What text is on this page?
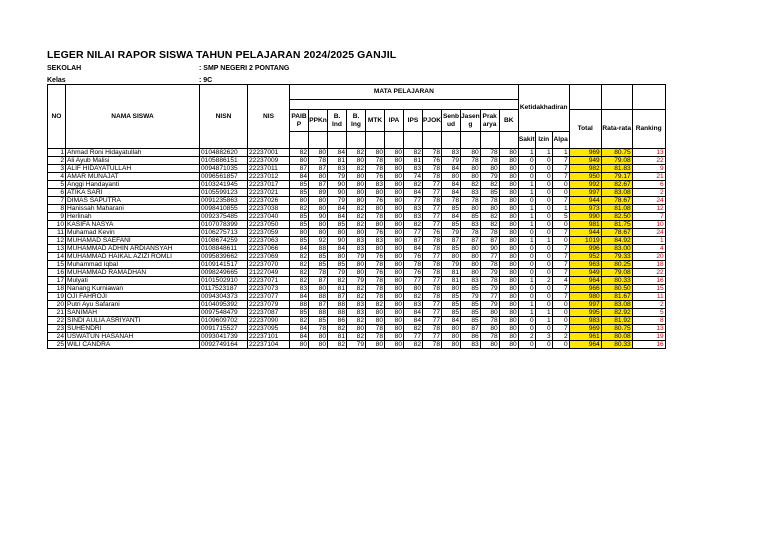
LEGER NILAI RAPOR SISWA TAHUN PELAJARAN 2024/2025 GANJIL
SEKOLAH	: SMP NEGERI 2 PONTANG
Kelas	: 9C
NO	NAMA SISWA	NISN	NIS	MATA PELAJARAN												Ketidakhadiran					

				PAIB P	PPKn	B. Ind	B. Ing	MTK	IPA	IPS	PJOK	Senb ud	Jasen g	Prak arya	BK				Total	Rata-rata	Ranking
																Sakit	Izin	Alpa			
1	Ahmad Roni Hidayatullah	0104882620	22237001	82	80	84	82	80	80	82	78	83	80	78	80	1	1	1	969	80.75	13
2	Ali Ayub Malisi	0105886151	22237009	80	78	81	80	78	80	81	76	79	78	78	80	0	0	7	949	79.08	22
3	ALIF HIDAYATULLAH	0094871035	22237011	87	87	83	82	78	80	83	78	84	80	80	80	0	0	7	982	81.83	9
4	AMAR MUNAJAT	0096561857	22237012	84	80	79	80	76	80	74	78	80	80	79	80	0	0	7	950	79.17	21
5	Anggi Handayanti	0103241945	22237017	85	87	90	80	83	80	82	77	84	82	82	80	1	0	0	992	82.67	6
6	ATIKA SARI	0105599123	22237021	85	89	90	80	80	80	84	77	84	83	85	80	1	0	0	997	83.08	2
7	DIMAS SAPUTRA	0091235863	22237026	80	80	79	80	76	80	77	78	78	78	78	80	0	0	7	944	78.67	24
8	Hanissah Maharani	0098410855	22237038	82	80	84	82	80	80	83	77	85	80	80	80	1	0	1	973	81.08	12
9	Herlinah	0092375485	22237040	85	90	84	82	78	80	83	77	84	85	82	80	1	0	5	990	82.50	7
10	KASIFA NASYA	0107078399	22237050	85	80	85	82	80	80	82	77	85	83	82	80	1	0	0	981	81.75	10
11	Muhamad Kevin	0106275713	22237059	80	80	80	80	76	80	77	76	79	78	78	80	0	0	7	944	78.67	24
12	MUHAMAD SAEFANI	0108674259	22237063	85	92	90	83	83	80	87	78	87	87	87	80	1	1	0	1019	84.92	1
13	MUHAMMAD ADHIN ARDIANSYAH	0108848611	22237066	84	88	84	83	80	80	84	78	85	80	90	80	0	0	7	996	83.00	4
14	MUHAMMAD HAIKAL AZIZI ROMLI	0095839662	22237069	82	85	80	79	76	80	76	77	80	80	77	80	0	0	7	952	79.33	20
15	Muhammad Iqbal	0109141517	22237070	82	85	85	80	78	80	78	78	79	80	78	80	0	0	7	963	80.25	18
16	MUHAMMAD RAMADHAN	0098249665	21227049	82	78	79	80	76	80	76	78	81	80	79	80	0	0	7	949	79.08	22
17	Mulyati	0101502910	22237071	82	87	82	79	78	80	77	77	81	83	78	80	1	2	4	964	80.33	16
18	Nanang Kurniawan	0117523187	22237073	83	80	81	82	78	80	80	78	80	85	79	80	0	0	7	966	80.50	15
19	OJI FAHROJI	0094304373	22237077	84	88	87	82	78	80	82	78	85	79	77	80	0	0	7	980	81.67	11
20	Putri Ayu Safarani	0104095392	22237079	88	87	88	83	82	80	83	77	85	85	79	80	1	0	0	997	83.08	2
21	SANIMAH	0097548479	22237087	85	88	88	83	80	80	84	77	85	85	80	80	1	1	0	995	82.92	5
22	SINDI AULIA ASRIYANTI	0109609702	22237090	82	85	86	82	80	80	84	77	84	85	78	80	0	1	0	983	81.92	8
23	SUHENDRI	0091715527	22237095	84	78	82	80	78	80	82	78	80	87	80	80	0	0	7	969	80.75	13
24	USWATUN HASANAH	0093041739	22237101	84	80	81	82	78	80	77	77	80	86	78	80	2	3	2	961	80.08	19
25	WILI CANDRA	0092749164	22237104	80	80	82	79	80	80	82	78	80	83	80	80	0	0	0	964	80.33	16
